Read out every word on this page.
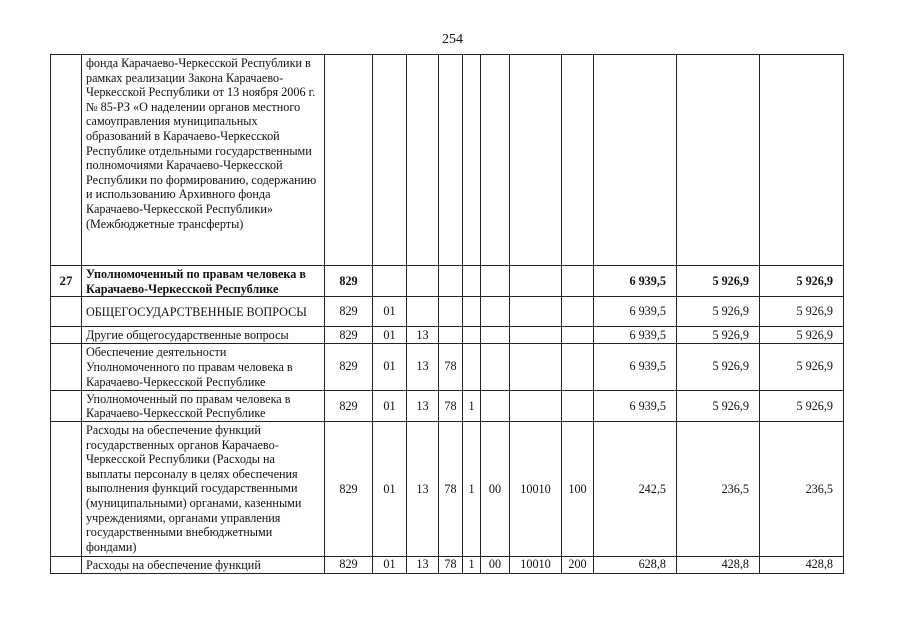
254
	фонда Карачаево-Черкесской Республики в рамках реализации Закона Карачаево-Черкесской Республики от 13 ноября 2006 г. № 85-РЗ «О наделении органов местного самоуправления муниципальных образований в Карачаево-Черкесской Республике отдельными государственными полномочиями Карачаево-Черкесской Республики по формированию, содержанию и использованию Архивного фонда Карачаево-Черкесской Республики» (Межбюджетные трансферты)											
27	Уполномоченный по правам человека в Карачаево-Черкесской Республике	829								6 939,5	5 926,9	5 926,9
	ОБЩЕГОСУДАРСТВЕННЫЕ ВОПРОСЫ	829	01							6 939,5	5 926,9	5 926,9
	Другие общегосударственные вопросы	829	01	13						6 939,5	5 926,9	5 926,9
	Обеспечение деятельности Уполномоченного по правам человека в Карачаево-Черкесской Республике	829	01	13	78					6 939,5	5 926,9	5 926,9
	Уполномоченный по правам человека в Карачаево-Черкесской Республике	829	01	13	78	1				6 939,5	5 926,9	5 926,9
	Расходы на обеспечение функций государственных органов Карачаево-Черкесской Республики (Расходы на выплаты персоналу в целях обеспечения выполнения функций государственными (муниципальными) органами, казенными учреждениями, органами управления государственными внебюджетными фондами)	829	01	13	78	1	00	10010	100	242,5	236,5	236,5
	Расходы на обеспечение функций	829	01	13	78	1	00	10010	200	628,8	428,8	428,8
